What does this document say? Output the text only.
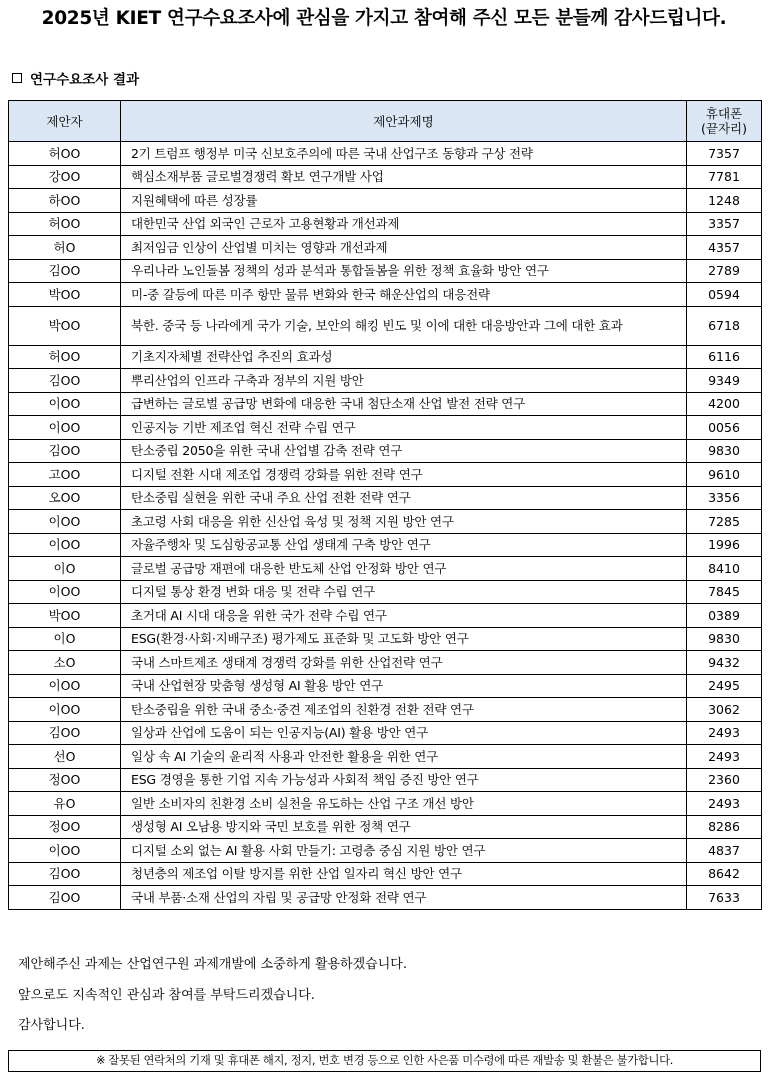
2025년 KIET 연구수요조사에 관심을 가지고 참여해 주신 모든 분들께 감사드립니다.
연구수요조사 결과
제안자	제안과제명	휴대폰
(끝자리)
허OO	2기 트럼프 행정부 미국 신보호주의에 따른 국내 산업구조 동향과 구상 전략	7357
강OO	핵심소재부품 글로벌경쟁력 확보 연구개발 사업	7781
하OO	지원혜택에 따른 성장률	1248
허OO	대한민국 산업 외국인 근로자 고용현황과 개선과제	3357
허O	최저임금 인상이 산업별 미치는 영향과 개선과제	4357
김OO	우리나라 노인돌봄 정책의 성과 분석과 통합돌봄을 위한 정책 효율화 방안 연구	2789
박OO	미-중 갈등에 따른 미주 항만 물류 변화와 한국 해운산업의 대응전략	0594
박OO	북한. 중국 등 나라에게 국가 기술, 보안의 해킹 빈도 및 이에 대한 대응방안과 그에 대한 효과	6718
허OO	기초지자체별 전략산업 추진의 효과성	6116
김OO	뿌리산업의 인프라 구축과 정부의 지원 방안	9349
이OO	급변하는 글로벌 공급망 변화에 대응한 국내 첨단소재 산업 발전 전략 연구	4200
이OO	인공지능 기반 제조업 혁신 전략 수립 연구	0056
김OO	탄소중립 2050을 위한 국내 산업별 감축 전략 연구	9830
고OO	디지털 전환 시대 제조업 경쟁력 강화를 위한 전략 연구	9610
오OO	탄소중립 실현을 위한 국내 주요 산업 전환 전략 연구	3356
이OO	초고령 사회 대응을 위한 신산업 육성 및 정책 지원 방안 연구	7285
이OO	자율주행차 및 도심항공교통 산업 생태계 구축 방안 연구	1996
이O	글로벌 공급망 재편에 대응한 반도체 산업 안정화 방안 연구	8410
이OO	디지털 통상 환경 변화 대응 및 전략 수립 연구	7845
박OO	초거대 AI 시대 대응을 위한 국가 전략 수립 연구	0389
이O	ESG(환경·사회·지배구조) 평가제도 표준화 및 고도화 방안 연구	9830
소O	국내 스마트제조 생태계 경쟁력 강화를 위한 산업전략 연구	9432
이OO	국내 산업현장 맞춤형 생성형 AI 활용 방안 연구	2495
이OO	탄소중립을 위한 국내 중소·중견 제조업의 친환경 전환 전략 연구	3062
김OO	일상과 산업에 도움이 되는 인공지능(AI) 활용 방안 연구	2493
선O	일상 속 AI 기술의 윤리적 사용과 안전한 활용을 위한 연구	2493
정OO	ESG 경영을 통한 기업 지속 가능성과 사회적 책임 증진 방안 연구	2360
유O	일반 소비자의 친환경 소비 실천을 유도하는 산업 구조 개선 방안	2493
정OO	생성형 AI 오남용 방지와 국민 보호를 위한 정책 연구	8286
이OO	디지털 소외 없는 AI 활용 사회 만들기: 고령층 중심 지원 방안 연구	4837
김OO	청년층의 제조업 이탈 방지를 위한 산업 일자리 혁신 방안 연구	8642
김OO	국내 부품·소재 산업의 자립 및 공급망 안정화 전략 연구	7633
제안해주신 과제는 산업연구원 과제개발에 소중하게 활용하겠습니다.
앞으로도 지속적인 관심과 참여를 부탁드리겠습니다.
감사합니다.
※ 잘못된 연락처의 기재 및 휴대폰 해지, 정지, 번호 변경 등으로 인한 사은품 미수령에 따른 재발송 및 환불은 불가합니다.
